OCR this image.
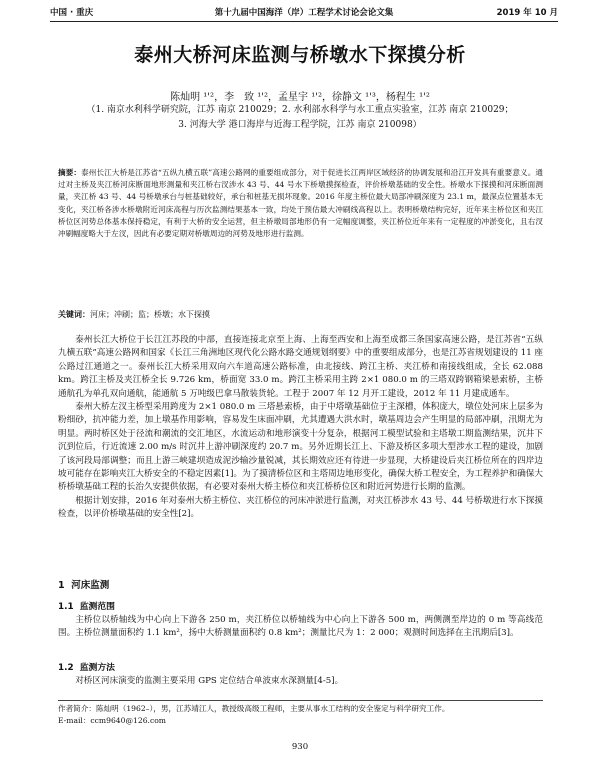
中国 · 重庆	第十九届中国海洋（岸）工程学术讨论会论文集	2019 年 10 月
泰州大桥河床监测与桥墩水下探摸分析
陈灿明 ¹'²，李　致 ¹'²，孟星宇 ¹'²，徐静文 ¹'³，杨程生 ¹'²
（1. 南京水利科学研究院，江苏 南京 210029；2. 水利部水科学与水工重点实验室，江苏 南京 210029；
3. 河海大学 港口海岸与近海工程学院，江苏 南京 210098）
摘要：泰州长江大桥是江苏省“五纵九横五联”高速公路网的重要组成部分，对于促进长江两岸区域经济的协调发展和沿江开发具有重要意义。通过对主桥及夹江桥河床断面地形测量和夹江桥右汊涉水 43 号、44 号水下桥墩摸探检查，评价桥墩基础的安全性。桥墩水下探摸和河床断面测量，夹江桥 43 号、44 号桥墩承台与桩基础较好，承台和桩基无损坏现象。2016 年度主桥位最大局部冲刷深度为 23.1 m，最深点位置基本无变化，夹江桥各涉水桥墩附近河床高程与历次监测结果基本一致，均处于预估最大冲刷线高程以上。表明桥墩结构完好，近年来主桥位区和夹江桥位区河势总体基本保持稳定，有利于大桥的安全运营，但主桥墩局部地形仍有一定幅度调整，夹江桥位近年来有一定程度的冲淤变化，且右汊冲刷幅度略大于左汊，因此有必要定期对桥墩周边的河势及地形进行监测。
关键词：河床；冲刷；监；桥墩；水下探摸

泰州长江大桥位于长江江苏段的中部，直接连接北京至上海、上海至西安和上海至成都三条国家高速公路，是江苏省“五纵九横五联”高速公路网和国家《长江三角洲地区现代化公路水路交通规划纲要》中的重要组成部分，也是江苏省规划建设的 11 座公路过江通道之一。泰州长江大桥采用双向六车道高速公路标准，由北接线、跨江主桥、夹江桥和南接线组成，全长 62.088 km。跨江主桥及夹江桥全长 9.726 km，桥面宽 33.0 m。跨江主桥采用主跨 2×1 080.0 m 的三塔双跨钢箱梁悬索桥，主桥通航孔为单孔双向通航，能通航 5 万吨级巴拿马散装货轮。工程于 2007 年 12 月开工建设，2012 年 11 月建成通车。

泰州大桥左汊主桥型采用跨度为 2×1 080.0 m 三塔悬索桥，由于中塔墩基础位于主深槽，体积庞大，墩位处河床上层多为粉细砂，抗冲能力差，加上墩基作用影响，容易发生床面冲刷，尤其遭遇大洪水时，墩基周边会产生明显的局部冲刷，汛期尤为明显。两时桥区处于径流和潮流的交汇地区，水流运动和地形演变十分复杂，根据河工模型试验和主塔墩工期监测结果，沉井下沉到位后，行近流速 2.00 m/s 时沉井上游冲刷深度约 20.7 m。另外近期长江上、下游及桥区多项大型涉水工程的建设，加剧了该河段局部调整；而且上游三峡建坝造成泥沙输沙量锐减，其长期效应还有待进一步显现，大桥建设后夹江桥位所在的四岸边坡可能存在影响夹江大桥安全的不稳定因素[1]。为了摸清桥位区和主塔周边地形变化，确保大桥工程安全，为工程养护和确保大桥桥墩基础工程的长治久安提供依据，有必要对泰州大桥主桥位和夹江桥桥位区和附近河势进行长期的监测。

根据计划安排，2016 年对泰州大桥主桥位、夹江桥位的河床冲淤进行监测，对夹江桥涉水 43 号、44 号桥墩进行水下探摸检查，以评价桥墩基础的安全性[2]。

1 河床监测
1.1 监测范围

主桥位以桥轴线为中心向上下游各 250 m，夹江桥位以桥轴线为中心向上下游各 500 m，两侧测至岸边的 0 m 等高线范围。主桥位测量面积约 1.1 km²，扬中大桥测量面积约 0.8 km²；测量比尺为 1：2 000；观测时间选择在主汛期后[3]。

1.2 监测方法

对桥区河床演变的监测主要采用 GPS 定位结合单波束水深测量[4-5]。

作者简介：陈灿明（1962–），男，江苏靖江人，教授级高级工程师，主要从事水工结构的安全鉴定与科学研究工作。
E-mail：ccm9640@126.com
930
